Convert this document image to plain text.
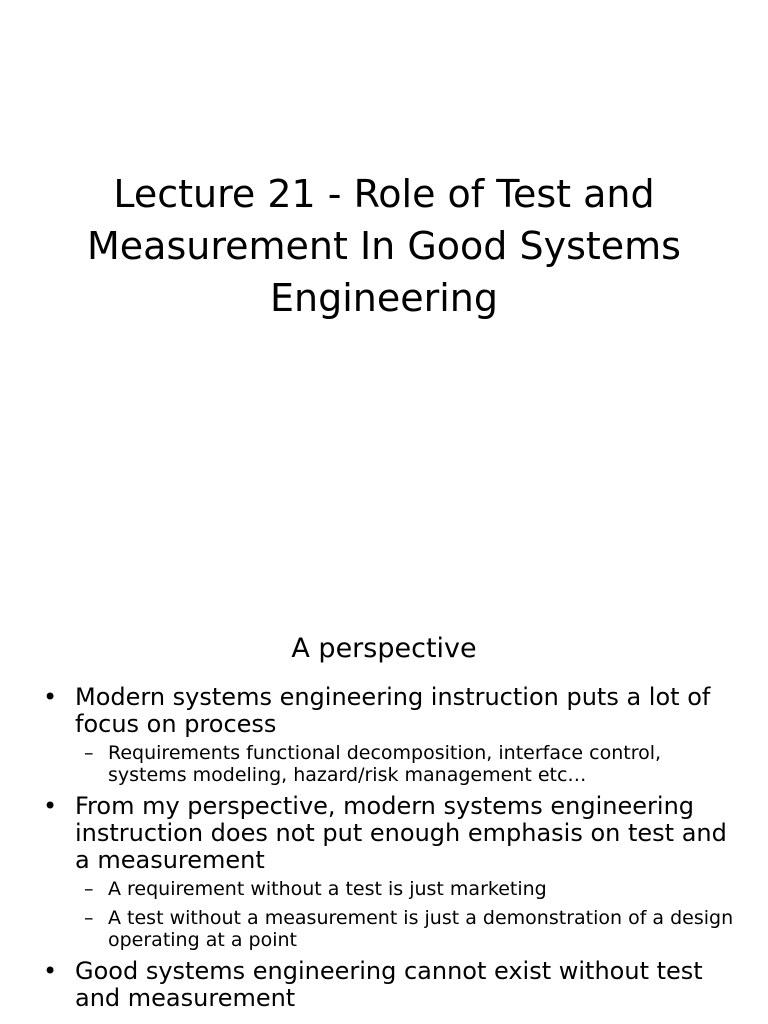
Lecture 21 - Role of Test and Measurement In Good Systems Engineering
A perspective
• Modern systems engineering instruction puts a lot of focus on process
– Requirements functional decomposition, interface control, systems modeling, hazard/risk management etc…
• From my perspective, modern systems engineering instruction does not put enough emphasis on test and a measurement
– A requirement without a test is just marketing
– A test without a measurement is just a demonstration of a design operating at a point
• Good systems engineering cannot exist without test and measurement
